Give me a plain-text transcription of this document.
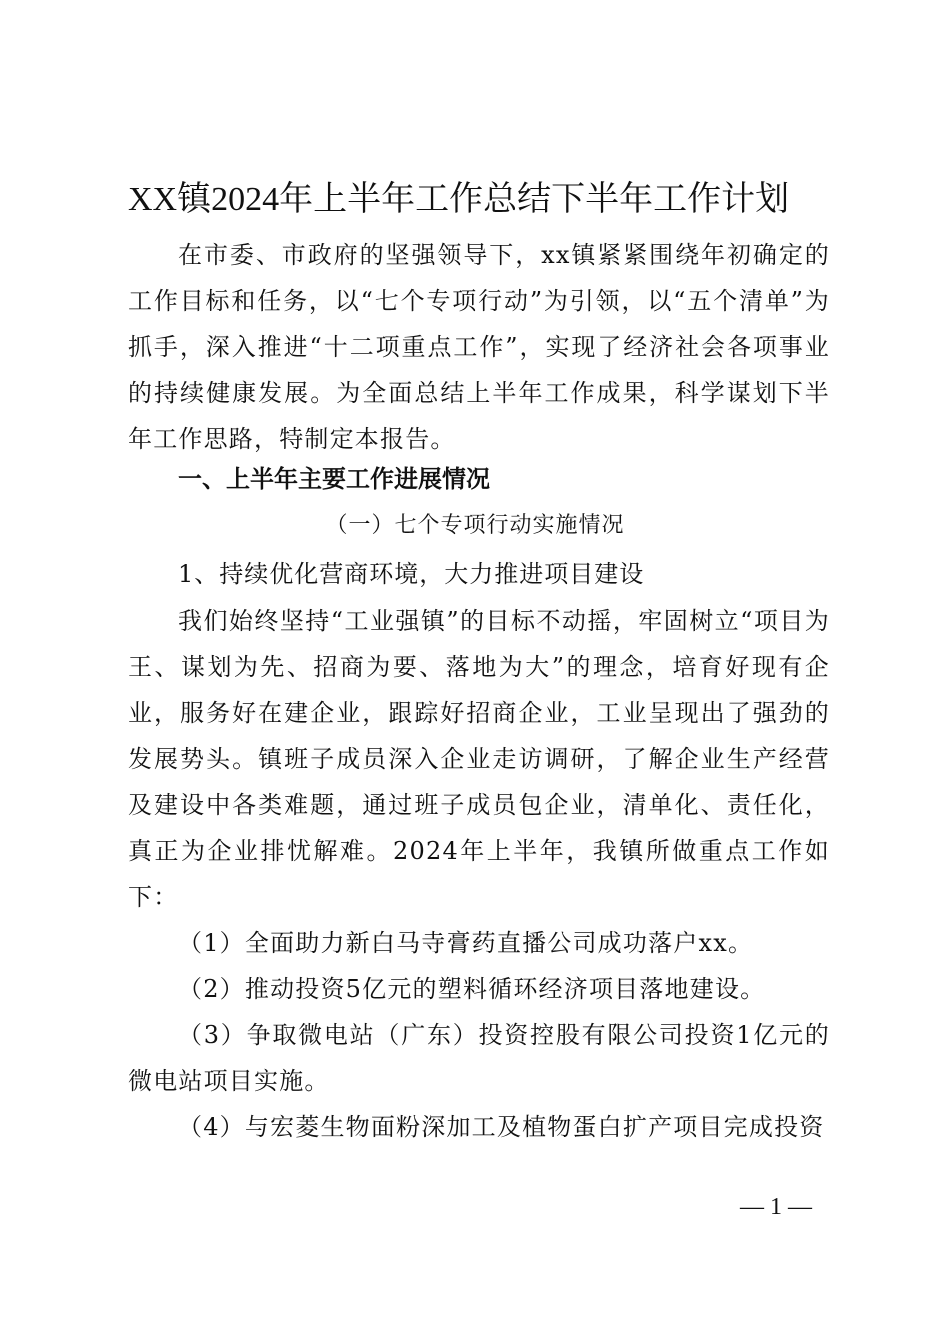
XX镇2024年上半年工作总结下半年工作计划
在市委、市政府的坚强领导下，xx镇紧紧围绕年初确定的工作目标和任务，以“七个专项行动”为引领，以“五个清单”为抓手，深入推进“十二项重点工作”，实现了经济社会各项事业的持续健康发展。为全面总结上半年工作成果，科学谋划下半年工作思路，特制定本报告。
一、上半年主要工作进展情况
（一）七个专项行动实施情况
1、持续优化营商环境，大力推进项目建设
我们始终坚持“工业强镇”的目标不动摇，牢固树立“项目为王、谋划为先、招商为要、落地为大”的理念，培育好现有企业，服务好在建企业，跟踪好招商企业，工业呈现出了强劲的发展势头。镇班子成员深入企业走访调研，了解企业生产经营及建设中各类难题，通过班子成员包企业，清单化、责任化，真正为企业排忧解难。2024年上半年，我镇所做重点工作如下：
（1）全面助力新白马寺膏药直播公司成功落户xx。
（2）推动投资5亿元的塑料循环经济项目落地建设。
（3）争取微电站（广东）投资控股有限公司投资1亿元的微电站项目实施。
（4）与宏菱生物面粉深加工及植物蛋白扩产项目完成投资
— 1 —
